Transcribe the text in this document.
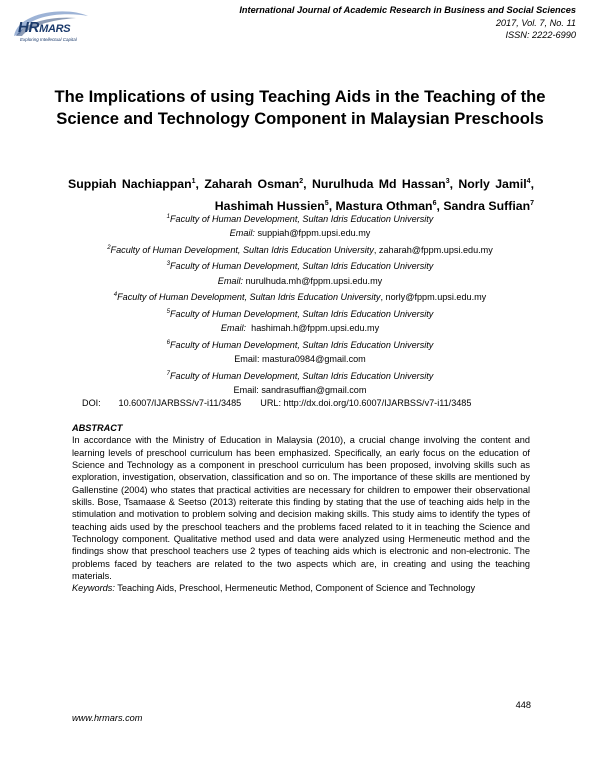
HRMARS
Exploring Intellectual Capital
International Journal of Academic Research in Business and Social Sciences
2017, Vol. 7, No. 11
ISSN: 2222-6990
The Implications of using Teaching Aids in the Teaching of the Science and Technology Component in Malaysian Preschools
Suppiah Nachiappan$^1$, Zaharah Osman$^2$, Nurulhuda Md Hassan$^3$, Norly Jamil$^4$, Hashimah Hussien$^5$, Mastura Othman$^6$, Sandra Suffian$^7$
$^1$Faculty of Human Development, Sultan Idris Education University
Email: suppiah@fppm.upsi.edu.my
$^2$Faculty of Human Development, Sultan Idris Education University, zaharah@fppm.upsi.edu.my
$^3$Faculty of Human Development, Sultan Idris Education University
Email: nurulhuda.mh@fppm.upsi.edu.my
$^4$Faculty of Human Development, Sultan Idris Education University, norly@fppm.upsi.edu.my
$^5$Faculty of Human Development, Sultan Idris Education University
Email:  hashimah.h@fppm.upsi.edu.my
$^6$Faculty of Human Development, Sultan Idris Education University
Email: mastura0984@gmail.com
$^7$Faculty of Human Development, Sultan Idris Education University
Email: sandrasuffian@gmail.com
DOI: 10.6007/IJARBSS/v7-i11/3485 URL: http://dx.doi.org/10.6007/IJARBSS/v7-i11/3485
ABSTRACT

In accordance with the Ministry of Education in Malaysia (2010), a crucial change involving the content and learning levels of preschool curriculum has been emphasized. Specifically, an early focus on the education of Science and Technology as a component in preschool curriculum has been proposed, involving skills such as exploration, investigation, observation, classification and so on. The importance of these skills are mentioned by Gallenstine (2004) who states that practical activities are necessary for children to empower their observational skills. Bose, Tsamaase & Seetso (2013) reiterate this finding by stating that the use of teaching aids help in the stimulation and motivation to problem solving and decision making skills. This study aims to identify the types of teaching aids used by the preschool teachers and the problems faced related to it in teaching the Science and Technology component. Qualitative method used and data were analyzed using Hermeneutic method and the findings show that preschool teachers use 2 types of teaching aids which is electronic and non-electronic. The problems faced by teachers are related to the two aspects which are, in creating and using the teaching materials.
Keywords: Teaching Aids, Preschool, Hermeneutic Method, Component of Science and Technology

448
www.hrmars.com
